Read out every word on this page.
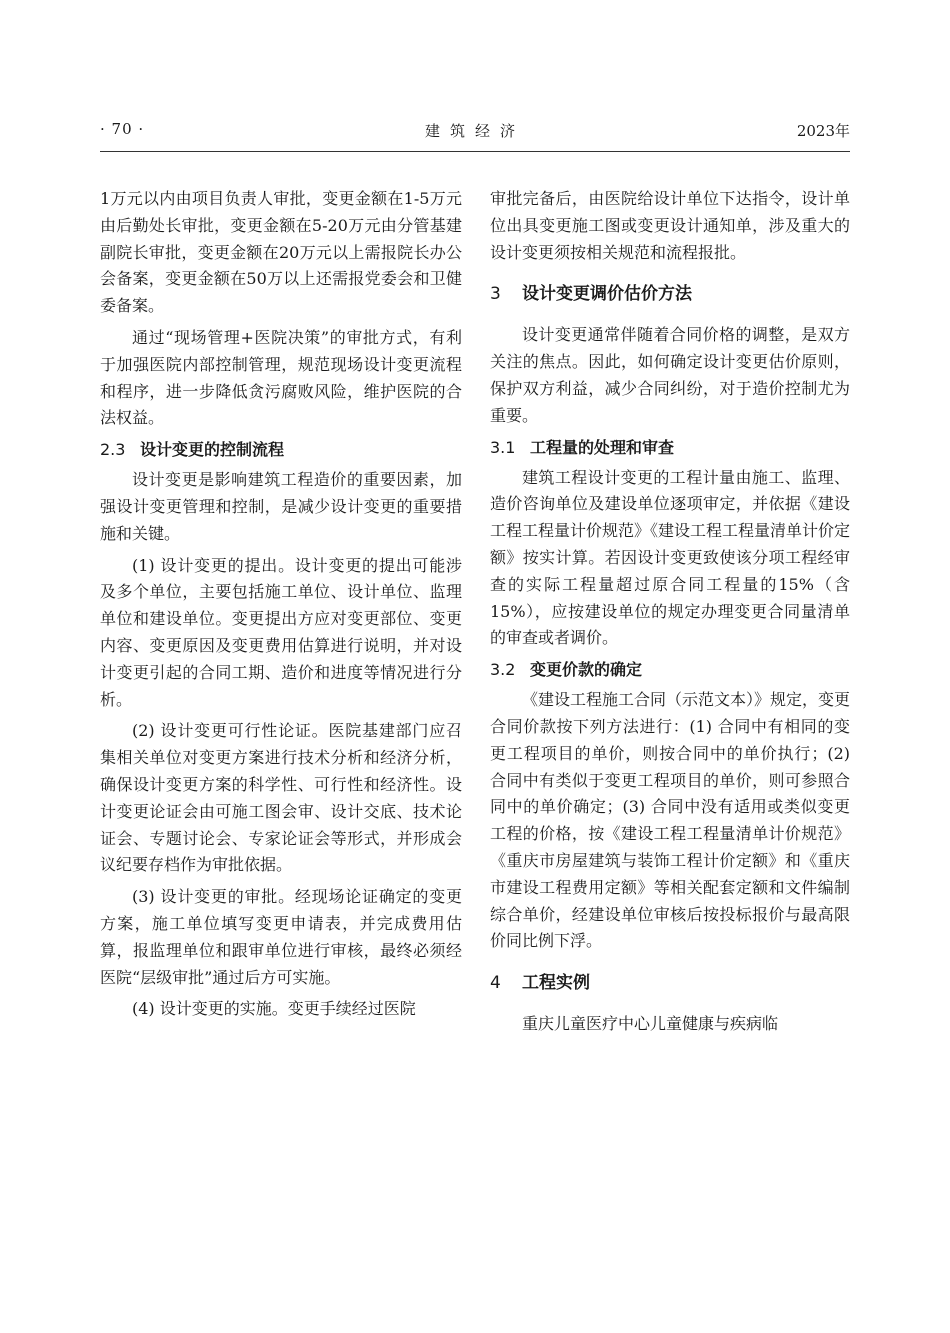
· 70 ·	建筑经济	2023年

1万元以内由项目负责人审批，变更金额在1-5万元由后勤处长审批，变更金额在5-20万元由分管基建副院长审批，变更金额在20万元以上需报院长办公会备案，变更金额在50万以上还需报党委会和卫健委备案。

通过“现场管理+医院决策”的审批方式，有利于加强医院内部控制管理，规范现场设计变更流程和程序，进一步降低贪污腐败风险，维护医院的合法权益。

2.3 设计变更的控制流程

设计变更是影响建筑工程造价的重要因素，加强设计变更管理和控制，是减少设计变更的重要措施和关键。

(1) 设计变更的提出。设计变更的提出可能涉及多个单位，主要包括施工单位、设计单位、监理单位和建设单位。变更提出方应对变更部位、变更内容、变更原因及变更费用估算进行说明，并对设计变更引起的合同工期、造价和进度等情况进行分析。

(2) 设计变更可行性论证。医院基建部门应召集相关单位对变更方案进行技术分析和经济分析，确保设计变更方案的科学性、可行性和经济性。设计变更论证会由可施工图会审、设计交底、技术论证会、专题讨论会、专家论证会等形式，并形成会议纪要存档作为审批依据。

(3) 设计变更的审批。经现场论证确定的变更方案，施工单位填写变更申请表，并完成费用估算，报监理单位和跟审单位进行审核，最终必须经医院“层级审批”通过后方可实施。

(4) 设计变更的实施。变更手续经过医院

审批完备后，由医院给设计单位下达指令，设计单位出具变更施工图或变更设计通知单，涉及重大的设计变更须按相关规范和流程报批。

3 设计变更调价估价方法

设计变更通常伴随着合同价格的调整，是双方关注的焦点。因此，如何确定设计变更估价原则，保护双方利益，减少合同纠纷，对于造价控制尤为重要。

3.1 工程量的处理和审查

建筑工程设计变更的工程计量由施工、监理、造价咨询单位及建设单位逐项审定，并依据《建设工程工程量计价规范》《建设工程工程量清单计价定额》按实计算。若因设计变更致使该分项工程经审查的实际工程量超过原合同工程量的15%（含15%），应按建设单位的规定办理变更合同量清单的审查或者调价。

3.2 变更价款的确定

《建设工程施工合同（示范文本）》规定，变更合同价款按下列方法进行：(1) 合同中有相同的变更工程项目的单价，则按合同中的单价执行；(2) 合同中有类似于变更工程项目的单价，则可参照合同中的单价确定；(3) 合同中没有适用或类似变更工程的价格，按《建设工程工程量清单计价规范》《重庆市房屋建筑与装饰工程计价定额》和《重庆市建设工程费用定额》等相关配套定额和文件编制综合单价，经建设单位审核后按投标报价与最高限价同比例下浮。

4 工程实例

重庆儿童医疗中心儿童健康与疾病临
